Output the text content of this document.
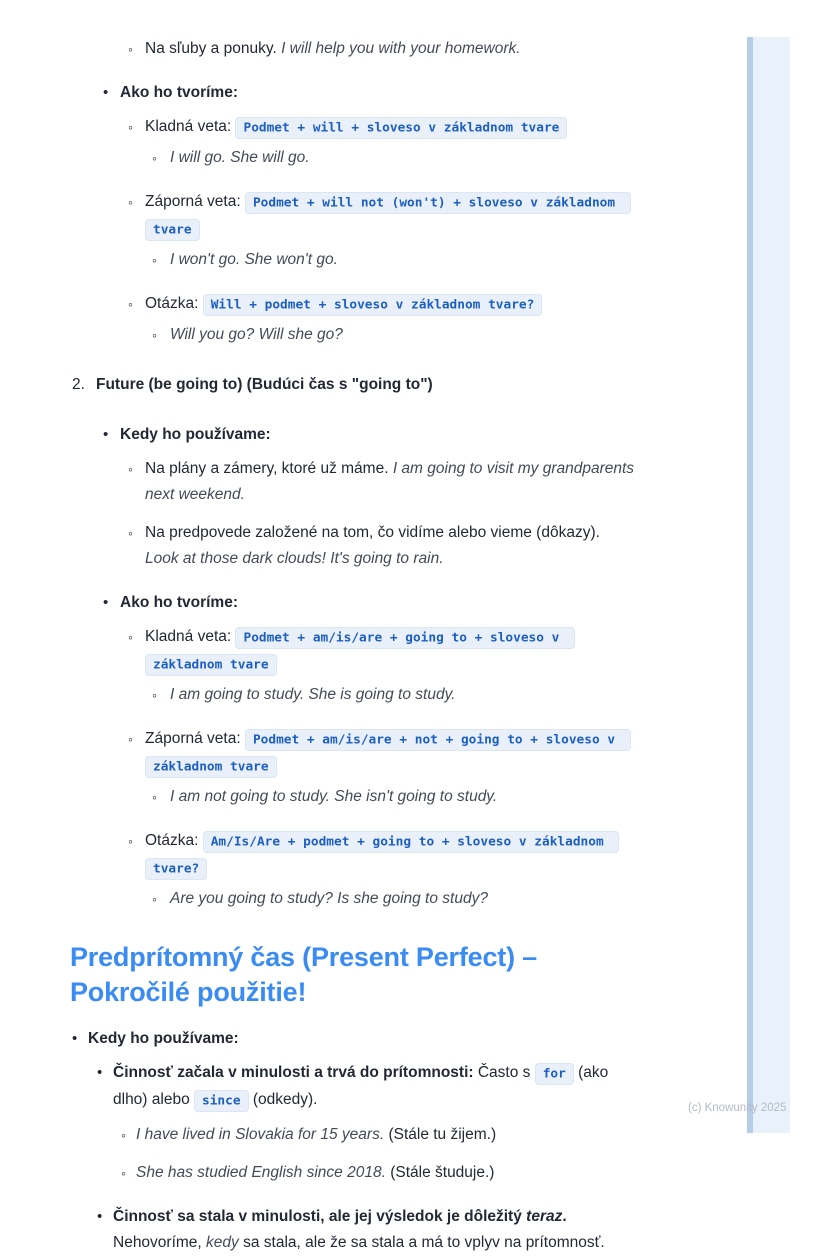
◦ Na sľuby a ponuky. I will help you with your homework.
• Ako ho tvoríme:
◦ Kladná veta: Podmet + will + sloveso v základnom tvare
◦ I will go. She will go.
◦ Záporná veta: Podmet + will not (won't) + sloveso v základnom tvare
◦ I won't go. She won't go.
◦ Otázka: Will + podmet + sloveso v základnom tvare?
◦ Will you go? Will she go?
2. Future (be going to) (Budúci čas s "going to")
• Kedy ho používame:
◦ Na plány a zámery, ktoré už máme. I am going to visit my grandparents next weekend.
◦ Na predpovede založené na tom, čo vidíme alebo vieme (dôkazy). Look at those dark clouds! It's going to rain.
• Ako ho tvoríme:
◦ Kladná veta: Podmet + am/is/are + going to + sloveso v základnom tvare
◦ I am going to study. She is going to study.
◦ Záporná veta: Podmet + am/is/are + not + going to + sloveso v základnom tvare
◦ I am not going to study. She isn't going to study.
◦ Otázka: Am/Is/Are + podmet + going to + sloveso v základnom tvare?
◦ Are you going to study? Is she going to study?
Predprítomný čas (Present Perfect) – Pokročilé použitie!
• Kedy ho používame:
• Činnosť začala v minulosti a trvá do prítomnosti: Často s for (ako dlho) alebo since (odkedy).
◦ I have lived in Slovakia for 15 years. (Stále tu žijem.)
◦ She has studied English since 2018. (Stále študuje.)
• Činnosť sa stala v minulosti, ale jej výsledok je dôležitý teraz. Nehovoríme, kedy sa stala, ale že sa stala a má to vplyv na prítomnosť.
(c) Knowunity 2025
